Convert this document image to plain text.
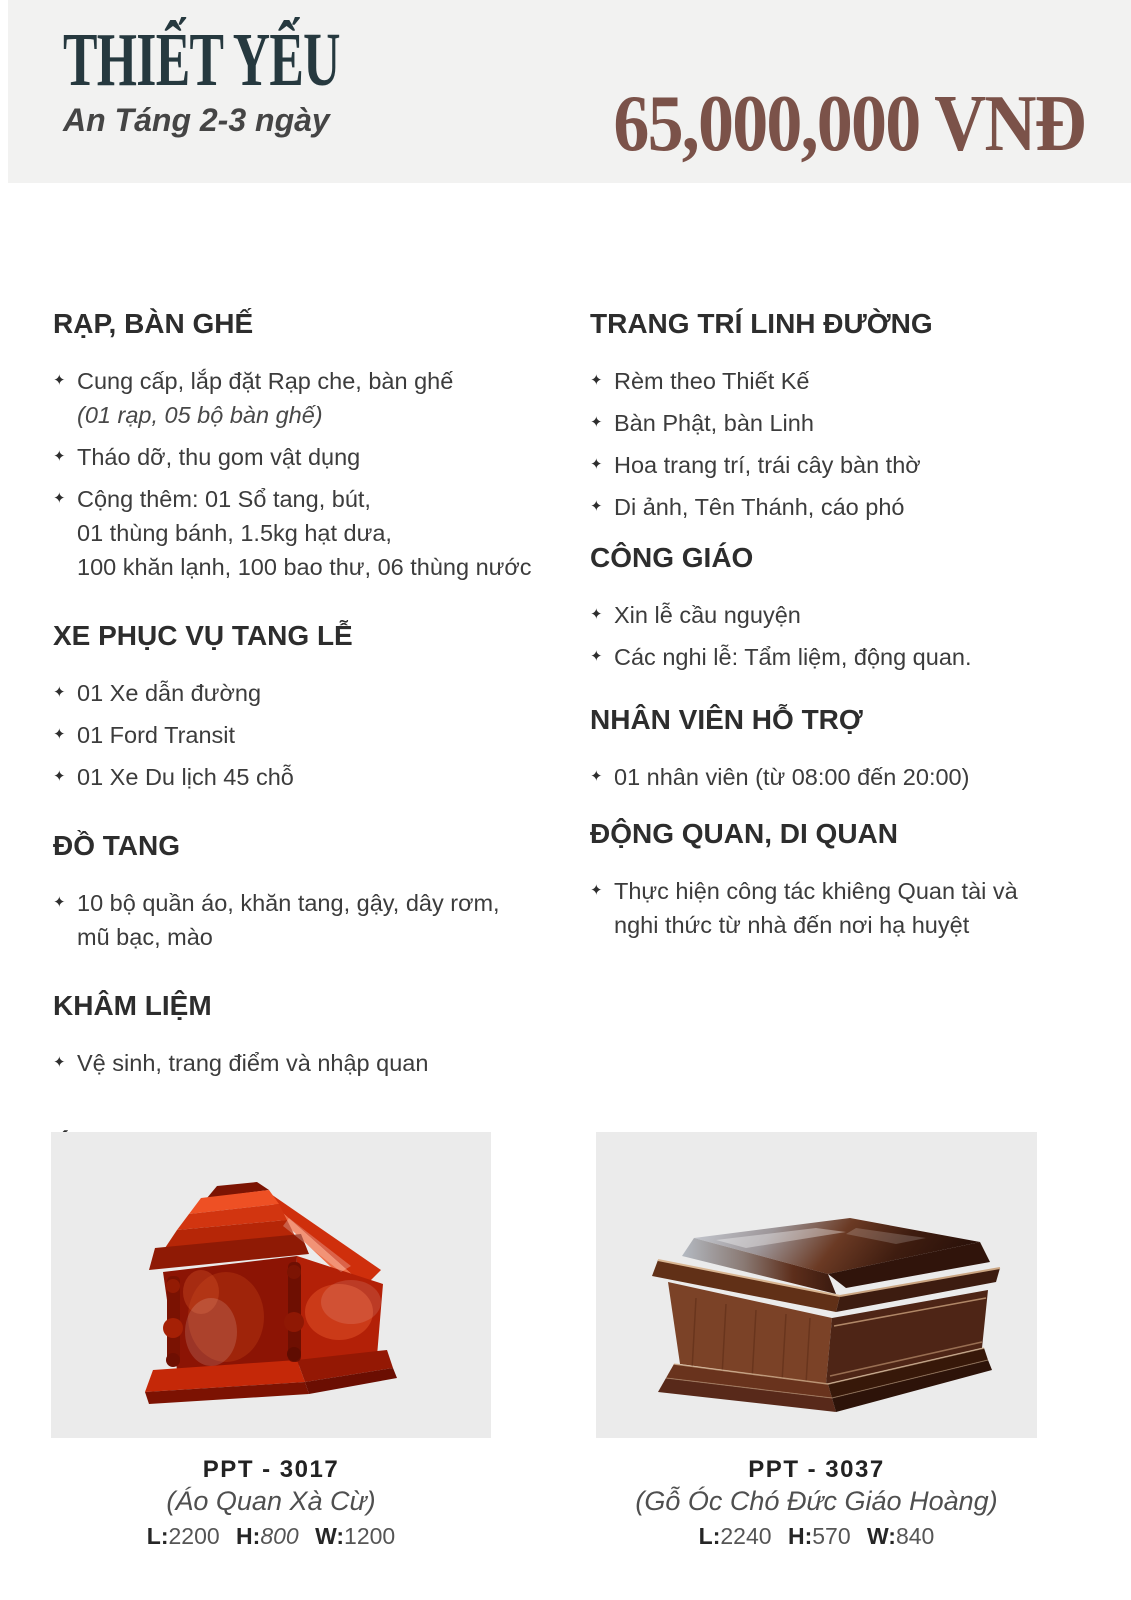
THIẾT YẾU
An Táng 2-3 ngày	65,000,000 VNĐ
RẠP, BÀN GHẾ
✦ Cung cấp, lắp đặt Rạp che, bàn ghế
(01 rạp, 05 bộ bàn ghế)
✦ Tháo dỡ, thu gom vật dụng
✦ Cộng thêm: 01 Sổ tang, bút,
01 thùng bánh, 1.5kg hạt dưa,
100 khăn lạnh, 100 bao thư, 06 thùng nước
XE PHỤC VỤ TANG LỄ
✦ 01 Xe dẫn đường
✦ 01 Ford Transit
✦ 01 Xe Du lịch 45 chỗ
ĐỒ TANG
✦ 10 bộ quần áo, khăn tang, gậy, dây rơm,
mũ bạc, mào
KHÂM LIỆM
✦ Vệ sinh, trang điểm và nhập quan
TRANG TRÍ LINH ĐƯỜNG
✦ Rèm theo Thiết Kế
✦ Bàn Phật, bàn Linh
✦ Hoa trang trí, trái cây bàn thờ
✦ Di ảnh, Tên Thánh, cáo phó
CÔNG GIÁO
✦ Xin lễ cầu nguyện
✦ Các nghi lễ: Tẩm liệm, động quan.
NHÂN VIÊN HỖ TRỢ
✦ 01 nhân viên (từ 08:00 đến 20:00)
ĐỘNG QUAN, DI QUAN
✦ Thực hiện công tác khiêng Quan tài và
nghi thức từ nhà đến nơi hạ huyệt
PPT - 3017
(Áo Quan Xà Cừ)
L:2200 H:800 W:1200
PPT - 3037
(Gỗ Óc Chó Đức Giáo Hoàng)
L:2240 H:570 W:840
